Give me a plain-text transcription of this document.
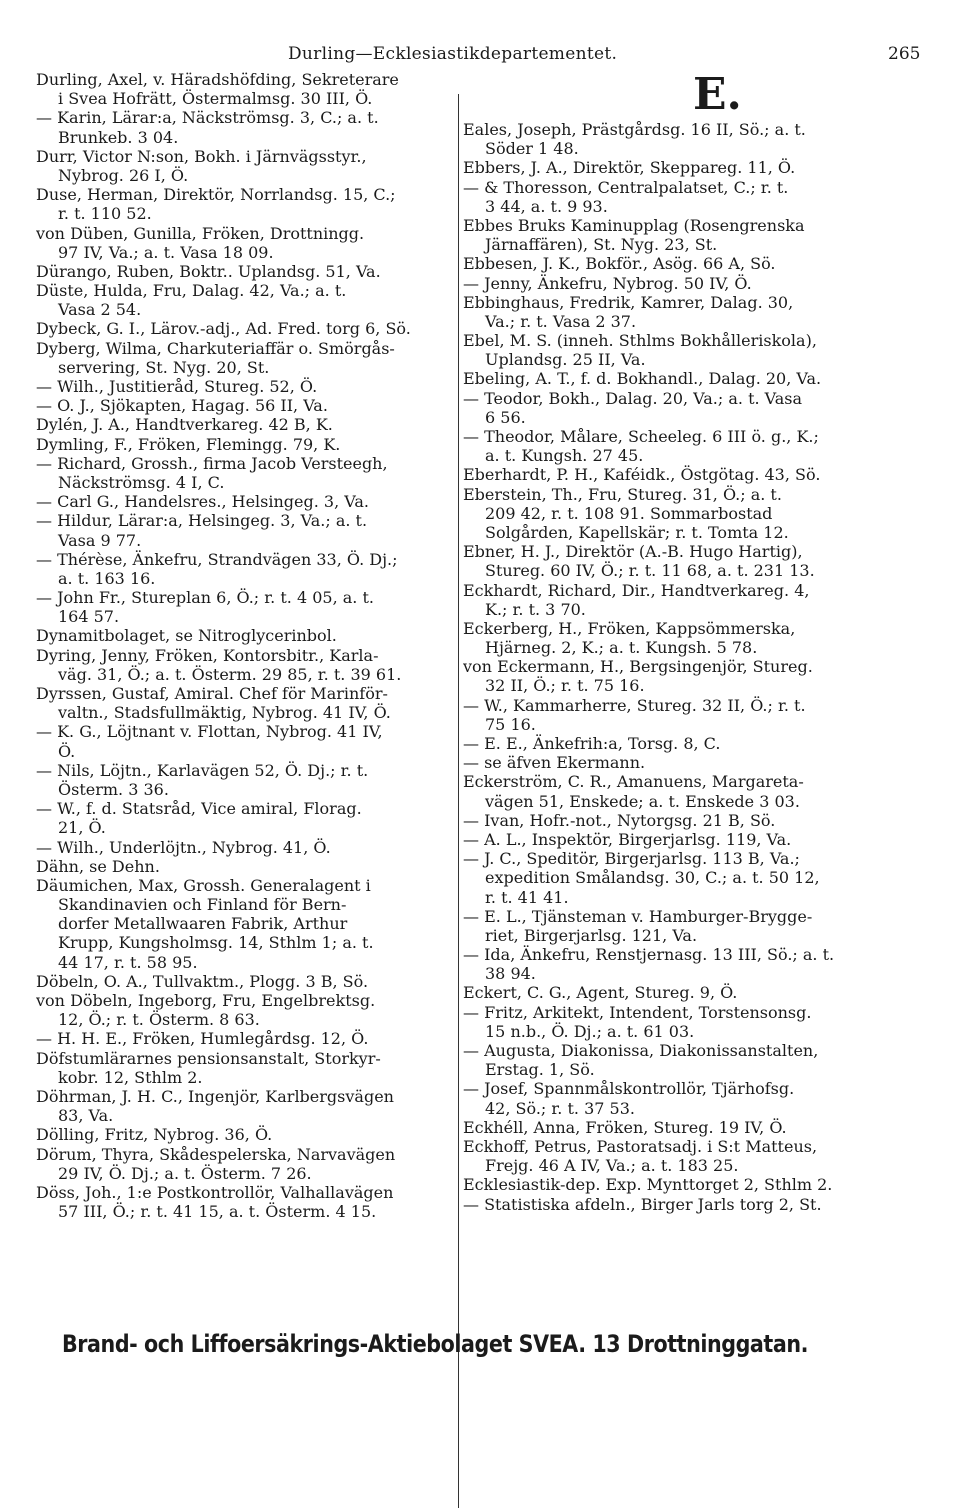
Durling—Ecklesiastikdepartementet.	265
Durling, Axel, v. Häradshöfding, Sekreterare
i Svea Hofrätt, Östermalmsg. 30 III, Ö.
— Karin, Lärar:a, Näckströmsg. 3, C.; a. t.
Brunkeb. 3 04.
Durr, Victor N:son, Bokh. i Järnvägsstyr.,
Nybrog. 26 I, Ö.
Duse, Herman, Direktör, Norrlandsg. 15, C.;
r. t. 110 52.
von Düben, Gunilla, Fröken, Drottningg.
97 IV, Va.; a. t. Vasa 18 09.
Dürango, Ruben, Boktr.. Uplandsg. 51, Va.
Düste, Hulda, Fru, Dalag. 42, Va.; a. t.
Vasa 2 54.
Dybeck, G. I., Lärov.-adj., Ad. Fred. torg 6, Sö.
Dyberg, Wilma, Charkuteriaffär o. Smörgås-
servering, St. Nyg. 20, St.
— Wilh., Justitieråd, Stureg. 52, Ö.
— O. J., Sjökapten, Hagag. 56 II, Va.
Dylén, J. A., Handtverkareg. 42 B, K.
Dymling, F., Fröken, Flemingg. 79, K.
— Richard, Grossh., firma Jacob Versteegh,
Näckströmsg. 4 I, C.
— Carl G., Handelsres., Helsingeg. 3, Va.
— Hildur, Lärar:a, Helsingeg. 3, Va.; a. t.
Vasa 9 77.
— Thérèse, Änkefru, Strandvägen 33, Ö. Dj.;
a. t. 163 16.
— John Fr., Stureplan 6, Ö.; r. t. 4 05, a. t.
164 57.
Dynamitbolaget, se Nitroglycerinbol.
Dyring, Jenny, Fröken, Kontorsbitr., Karla-
väg. 31, Ö.; a. t. Österm. 29 85, r. t. 39 61.
Dyrssen, Gustaf, Amiral. Chef för Marinför-
valtn., Stadsfullmäktig, Nybrog. 41 IV, Ö.
— K. G., Löjtnant v. Flottan, Nybrog. 41 IV,
Ö.
— Nils, Löjtn., Karlavägen 52, Ö. Dj.; r. t.
Österm. 3 36.
— W., f. d. Statsråd, Vice amiral, Florag.
21, Ö.
— Wilh., Underlöjtn., Nybrog. 41, Ö.
Dähn, se Dehn.
Däumichen, Max, Grossh. Generalagent i
Skandinavien och Finland för Bern-
dorfer Metallwaaren Fabrik, Arthur
Krupp, Kungsholmsg. 14, Sthlm 1; a. t.
44 17, r. t. 58 95.
Döbeln, O. A., Tullvaktm., Plogg. 3 B, Sö.
von Döbeln, Ingeborg, Fru, Engelbrektsg.
12, Ö.; r. t. Österm. 8 63.
— H. H. E., Fröken, Humlegårdsg. 12, Ö.
Döfstumlärarnes pensionsanstalt, Storkyr-
kobr. 12, Sthlm 2.
Döhrman, J. H. C., Ingenjör, Karlbergsvägen
83, Va.
Dölling, Fritz, Nybrog. 36, Ö.
Dörum, Thyra, Skådespelerska, Narvavägen
29 IV, Ö. Dj.; a. t. Österm. 7 26.
Döss, Joh., 1:e Postkontrollör, Valhallavägen
57 III, Ö.; r. t. 41 15, a. t. Österm. 4 15.
E.
Eales, Joseph, Prästgårdsg. 16 II, Sö.; a. t.
Söder 1 48.
Ebbers, J. A., Direktör, Skeppareg. 11, Ö.
— & Thoresson, Centralpalatset, C.; r. t.
3 44, a. t. 9 93.
Ebbes Bruks Kaminupplag (Rosengrenska
Järnaffären), St. Nyg. 23, St.
Ebbesen, J. K., Bokför., Asög. 66 A, Sö.
— Jenny, Änkefru, Nybrog. 50 IV, Ö.
Ebbinghaus, Fredrik, Kamrer, Dalag. 30,
Va.; r. t. Vasa 2 37.
Ebel, M. S. (inneh. Sthlms Bokhålleriskola),
Uplandsg. 25 II, Va.
Ebeling, A. T., f. d. Bokhandl., Dalag. 20, Va.
— Teodor, Bokh., Dalag. 20, Va.; a. t. Vasa
6 56.
— Theodor, Målare, Scheeleg. 6 III ö. g., K.;
a. t. Kungsh. 27 45.
Eberhardt, P. H., Kaféidk., Östgötag. 43, Sö.
Eberstein, Th., Fru, Stureg. 31, Ö.; a. t.
209 42, r. t. 108 91. Sommarbostad
Solgården, Kapellskär; r. t. Tomta 12.
Ebner, H. J., Direktör (A.-B. Hugo Hartig),
Stureg. 60 IV, Ö.; r. t. 11 68, a. t. 231 13.
Eckhardt, Richard, Dir., Handtverkareg. 4,
K.; r. t. 3 70.
Eckerberg, H., Fröken, Kappsömmerska,
Hjärneg. 2, K.; a. t. Kungsh. 5 78.
von Eckermann, H., Bergsingenjör, Stureg.
32 II, Ö.; r. t. 75 16.
— W., Kammarherre, Stureg. 32 II, Ö.; r. t.
75 16.
— E. E., Änkefrih:a, Torsg. 8, C.
— se äfven Ekermann.
Eckerström, C. R., Amanuens, Margareta-
vägen 51, Enskede; a. t. Enskede 3 03.
— Ivan, Hofr.-not., Nytorgsg. 21 B, Sö.
— A. L., Inspektör, Birgerjarlsg. 119, Va.
— J. C., Speditör, Birgerjarlsg. 113 B, Va.;
expedition Smålandsg. 30, C.; a. t. 50 12,
r. t. 41 41.
— E. L., Tjänsteman v. Hamburger-Brygge-
riet, Birgerjarlsg. 121, Va.
— Ida, Änkefru, Renstjernasg. 13 III, Sö.; a. t.
38 94.
Eckert, C. G., Agent, Stureg. 9, Ö.
— Fritz, Arkitekt, Intendent, Torstensonsg.
15 n.b., Ö. Dj.; a. t. 61 03.
— Augusta, Diakonissa, Diakonissanstalten,
Erstag. 1, Sö.
— Josef, Spannmålskontrollör, Tjärhofsg.
42, Sö.; r. t. 37 53.
Eckhéll, Anna, Fröken, Stureg. 19 IV, Ö.
Eckhoff, Petrus, Pastoratsadj. i S:t Matteus,
Frejg. 46 A IV, Va.; a. t. 183 25.
Ecklesiastik-dep. Exp. Mynttorget 2, Sthlm 2.
— Statistiska afdeln., Birger Jarls torg 2, St.
Brand- och Liffoersäkrings-Aktiebolaget SVEA. 13 Drottninggatan.
